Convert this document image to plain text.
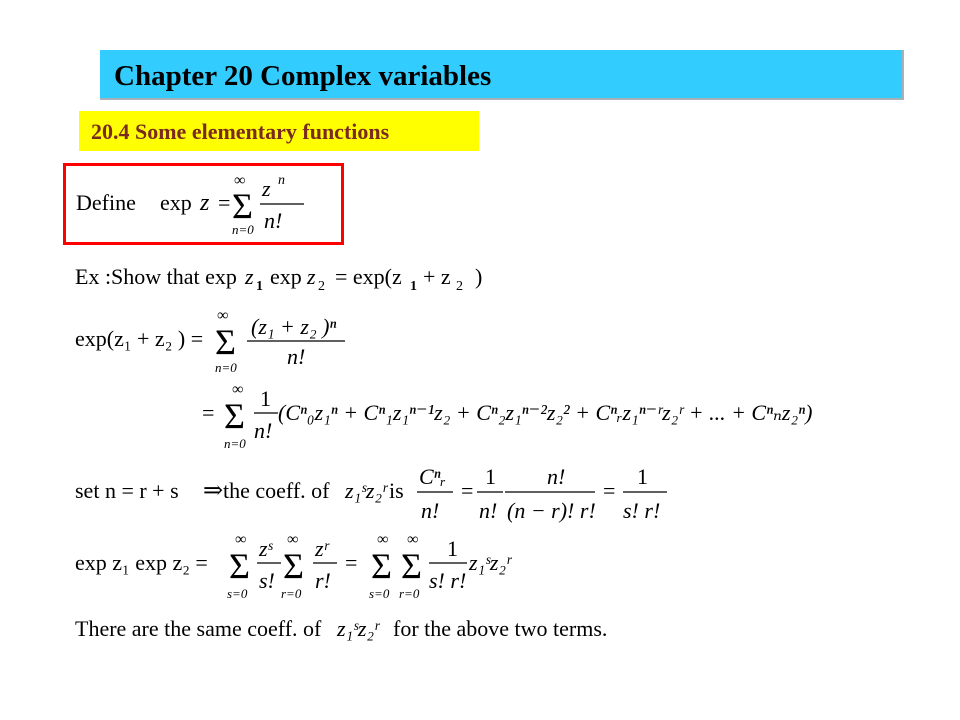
Chapter 20 Complex variables
20.4 Some elementary functions
Define exp z =
∞
Σ
n=0
z n
n!
Ex :Show that exp z 1 exp z 2 = exp(z 1 + z 2 )
exp(z₁ + z₂ ) =
∞
Σ
n=0
(z₁ + z₂ )ⁿ
n!
=
∞
Σ
n=0
1
n!
(Cⁿ₀z₁ⁿ + Cⁿ₁z₁ⁿ⁻¹z₂ + Cⁿ₂z₁ⁿ⁻²z₂² + Cⁿᵣz₁ⁿ⁻ʳz₂ʳ + ... + Cⁿₙz₂ⁿ)
set n = r + s ⇒ the coeff. of z₁ˢz₂ʳ is
Cⁿᵣ
n!
=
1
n!
n!
(n − r)! r!
=
1
s! r!
exp z₁ exp z₂ =
∞
Σ
s=0
zˢ
s!
∞
Σ
r=0
zʳ
r!
=
∞
Σ
s=0
∞
Σ
r=0
1
s! r!
z₁ˢz₂ʳ
There are the same coeff. of z₁ˢz₂ʳ for the above two terms.
